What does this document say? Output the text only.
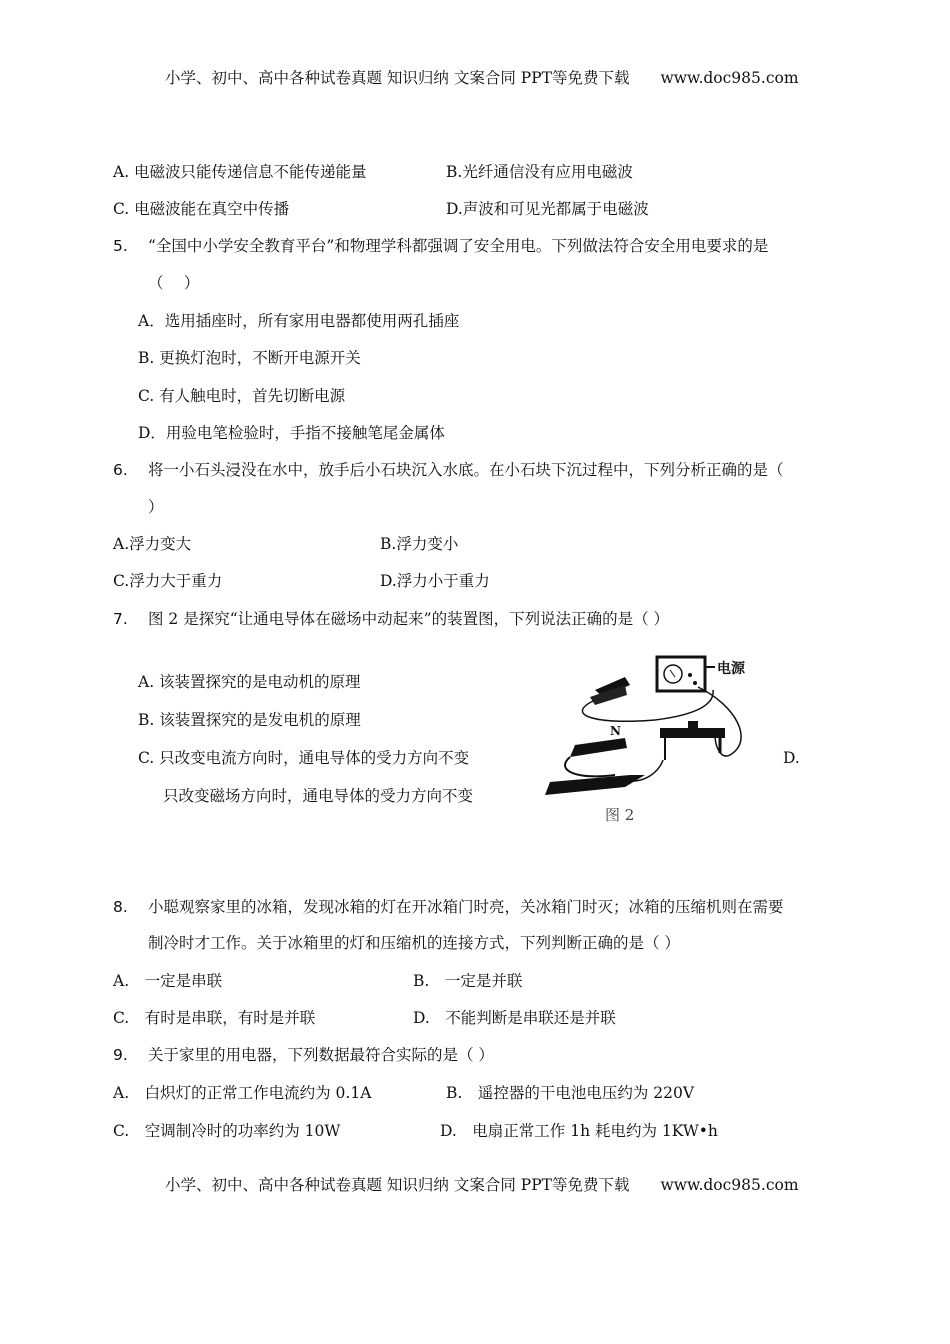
小学、初中、高中各种试卷真题 知识归纳 文案合同 PPT等免费下载　　www.doc985.com
A. 电磁波只能传递信息不能传递能量	B.光纤通信没有应用电磁波
C. 电磁波能在真空中传播	D.声波和可见光都属于电磁波
5. “全国中小学安全教育平台”和物理学科都强调了安全用电。下列做法符合安全用电要求的是
（　 ）
A．选用插座时，所有家用电器都使用两孔插座
B. 更换灯泡时，不断开电源开关
C. 有人触电时，首先切断电源
D．用验电笔检验时，手指不接触笔尾金属体
6. 将一小石头浸没在水中，放手后小石块沉入水底。在小石块下沉过程中，下列分析正确的是（
）
A.浮力变大	B.浮力变小
C.浮力大于重力	D.浮力小于重力
7. 图 2 是探究“让通电导体在磁场中动起来”的装置图，下列说法正确的是（ ）
A. 该装置探究的是电动机的原理
B. 该装置探究的是发电机的原理
C. 只改变电流方向时，通电导体的受力方向不变	D.
只改变磁场方向时，通电导体的受力方向不变
电源
N
图 2
8. 小聪观察家里的冰箱，发现冰箱的灯在开冰箱门时亮，关冰箱门时灭；冰箱的压缩机则在需要
制冷时才工作。关于冰箱里的灯和压缩机的连接方式，下列判断正确的是（ ）
A.　一定是串联	B.　一定是并联
C.　有时是串联，有时是并联	D.　不能判断是串联还是并联
9. 关于家里的用电器，下列数据最符合实际的是（ ）
A.　白炽灯的正常工作电流约为 0.1A	B.　遥控器的干电池电压约为 220V
C.　空调制冷时的功率约为 10W	D.　电扇正常工作 1h 耗电约为 1KW•h
小学、初中、高中各种试卷真题 知识归纳 文案合同 PPT等免费下载　　www.doc985.com
